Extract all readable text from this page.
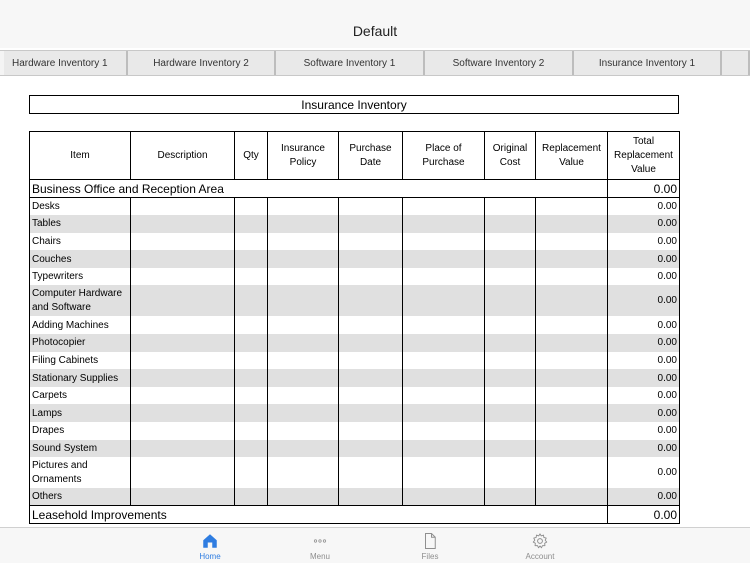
Default
Hardware Inventory 1	Hardware Inventory 2	Software Inventory 1	Software Inventory 2	Insurance Inventory 1
Insurance Inventory
Item	Description	Qty	Insurance Policy	Purchase Date	Place of Purchase	Original Cost	Replacement Value	Total Replacement Value
Business Office and Reception Area								0.00
Desks								0.00
Tables								0.00
Chairs								0.00
Couches								0.00
Typewriters								0.00
Computer Hardware and Software								0.00
Adding Machines								0.00
Photocopier								0.00
Filing Cabinets								0.00
Stationary Supplies								0.00
Carpets								0.00
Lamps								0.00
Drapes								0.00
Sound System								0.00
Pictures and Ornaments								0.00
Others								0.00
Leasehold Improvements								0.00
Home	Menu	Files	Account
